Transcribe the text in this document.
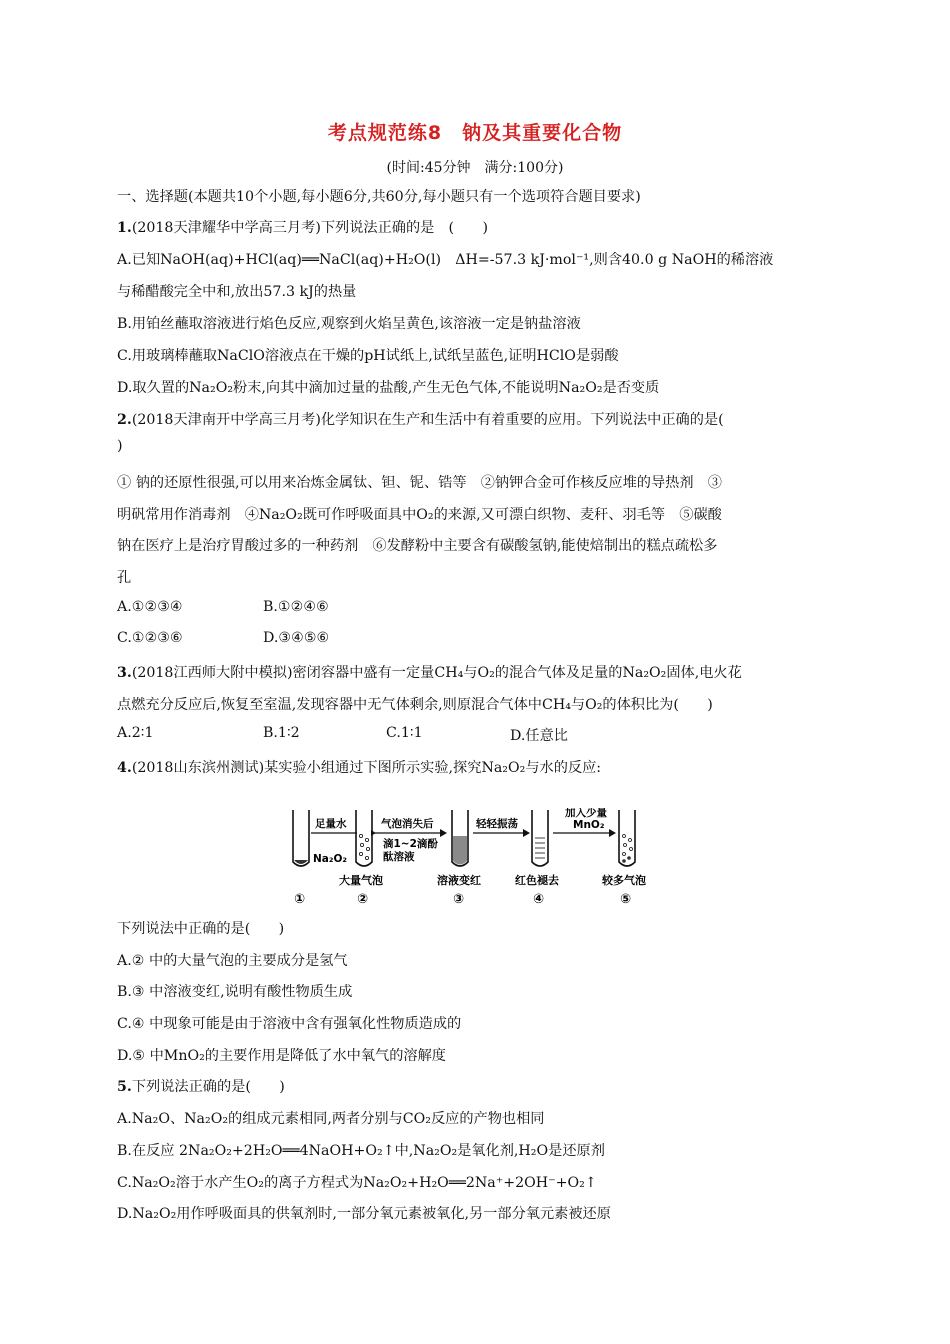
考点规范练8　钠及其重要化合物
(时间:45分钟　满分:100分)
一、选择题(本题共10个小题,每小题6分,共60分,每小题只有一个选项符合题目要求)
1.(2018天津耀华中学高三月考)下列说法正确的是　(　　)
A.已知NaOH(aq)+HCl(aq)══NaCl(aq)+H₂O(l)　ΔH=-57.3 kJ·mol⁻¹,则含40.0 g NaOH的稀溶液
与稀醋酸完全中和,放出57.3 kJ的热量
B.用铂丝蘸取溶液进行焰色反应,观察到火焰呈黄色,该溶液一定是钠盐溶液
C.用玻璃棒蘸取NaClO溶液点在干燥的pH试纸上,试纸呈蓝色,证明HClO是弱酸
D.取久置的Na₂O₂粉末,向其中滴加过量的盐酸,产生无色气体,不能说明Na₂O₂是否变质
2.(2018天津南开中学高三月考)化学知识在生产和生活中有着重要的应用。下列说法中正确的是(
)
① 钠的还原性很强,可以用来冶炼金属钛、钽、铌、锆等　②钠钾合金可作核反应堆的导热剂　③
明矾常用作消毒剂　④Na₂O₂既可作呼吸面具中O₂的来源,又可漂白织物、麦秆、羽毛等　⑤碳酸
钠在医疗上是治疗胃酸过多的一种药剂　⑥发酵粉中主要含有碳酸氢钠,能使焙制出的糕点疏松多
孔
A.①②③④	B.①②④⑥
C.①②③⑥	D.③④⑤⑥
3.(2018江西师大附中模拟)密闭容器中盛有一定量CH₄与O₂的混合气体及足量的Na₂O₂固体,电火花
点燃充分反应后,恢复至室温,发现容器中无气体剩余,则原混合气体中CH₄与O₂的体积比为(　　)
A.2∶1	B.1∶2	C.1∶1	D.任意比
4.(2018山东滨州测试)某实验小组通过下图所示实验,探究Na₂O₂与水的反应:
Na₂O₂
足量水	气泡消失后
滴1~2滴酚
酞溶液
轻轻振荡
加入少量
MnO₂
大量气泡	溶液变红	红色褪去	较多气泡
①	②	③	④	⑤
下列说法中正确的是(　　)
A.② 中的大量气泡的主要成分是氢气
B.③ 中溶液变红,说明有酸性物质生成
C.④ 中现象可能是由于溶液中含有强氧化性物质造成的
D.⑤ 中MnO₂的主要作用是降低了水中氧气的溶解度
5.下列说法正确的是(　　)
A.Na₂O、Na₂O₂的组成元素相同,两者分别与CO₂反应的产物也相同
B.在反应 2Na₂O₂+2H₂O══4NaOH+O₂↑中,Na₂O₂是氧化剂,H₂O是还原剂
C.Na₂O₂溶于水产生O₂的离子方程式为Na₂O₂+H₂O══2Na⁺+2OH⁻+O₂↑
D.Na₂O₂用作呼吸面具的供氧剂时,一部分氧元素被氧化,另一部分氧元素被还原
